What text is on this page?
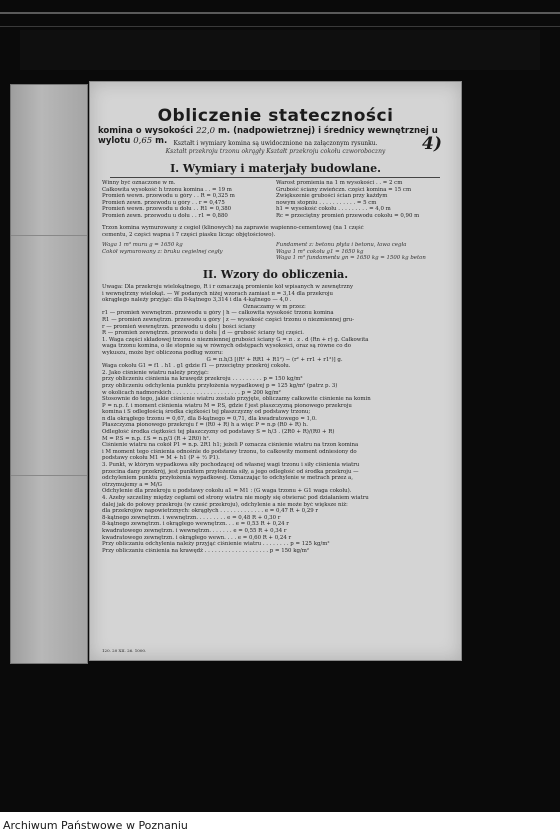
Obliczenie stateczności
komina o wysokości 22,0 m. (nadpowietrznej) i średnicy wewnętrznej u wylotu 0,65 m.	4)
Kształt i wymiary komina są uwidocznione na załączonym rysunku.
Kształt przekroju trzonu okrągły Kształt przekroju cokołu czworoboczny
I. Wymiary i materjały budowlane.
Winny być oznaczone w m.
Całkowita wysokość h trzonu komina . . = 19 m
Promień wewn. przewodu u góry . . R = 0,325 m
Promień zewn. przewodu u góry . . r = 0,475
Promień wewn. przewodu u dołu . . R1 = 0,380
Promień zewn. przewodu u dołu . . r1 = 0,880
Warost promienia na 1 m wysokości . . = 2 cm
Grubość ściany zwieńczn. części komina = 15 cm
Zwiększenie grubości ścian przy każdym
nowym stopniu . . . . . . . . . . . = 5 cm
h1 = wysokość cokołu . . . . . . . . . = 4,0 m
Rc = przeciętny promień przewodu cokołu = 0,90 m
Trzon komina wymurowany z cegieł (klinowych) na zaprawie wapienno-cementowej (na 1 część
cementu, 2 części wapna i 7 części piasku licząc objętościowo).
Waga 1 m³ muru g = 1650 kg
Cokół wymurowany z: bruku cegielnej cegły
Fundament z: betonu płyta i betonu, ława cegła
Waga 1 m³ cokołu g1 = 1650 kg
Waga 1 m³ fundamentu gn = 1650 kg = 1500 kg beton
II. Wzory do obliczenia.
Uwaga: Dla przekroju wielokątnego, R i r oznaczają promienie kół wpisanych w zewnętrzny
i wewnętrzny wielokąt. — W podanych niżej wzorach zamiast π = 3,14 dla przekroju
okrągłego należy przyjąć: dla 8-kątnego 3,314 i dla 4-kątnego — 4,0 .
Oznaczamy w m przez:
r1 — promień wewnętrzn. przewodu u góry | h — całkowita wysokość trzonu komina
R1 — promień zewnętrzn. przewodu u góry | z — wysokość części trzonu o niezmiennej gru-
r — promień wewnętrzn. przewodu u dołu | bości ściany
R — promień zewnętrzn. przewodu u dołu | d — grubość ściany tej części.
1. Waga części składowej trzonu o niezmiennej grubości ściany G = π . z . d (Rn + r) g. Całkowita
waga trzonu komina, o ile stopnie są w równych odstępach wysokości, oraz są równe co do
wykuszu, może być obliczona podług wzoru:
G = π.h/3 [(R² + RR1 + R1²) − (r² + rr1 + r1²)] g.
Waga cokołu G1 = f1 . h1 . g1 gdzie f1 — przeciętny przekrój cokołu.
2. Jako ciśnienie wiatru należy przyjąć:
przy obliczeniu ciśnienia na krawędź przekroju . . . . . . . . . p = 150 kg/m²
przy obliczeniu odchylenia punktu przyłożenia wypadkowej p = 125 kg/m² (patrz p. 3)
w okolicach nadmorskich . . . . . . . . . . . . . . . . . . . . p = 200 kg/m²
Stosownie do tego, jakie ciśnienie wiatru zostało przyjęte, obliczamy całkowite ciśnienie na komin
P = n.p. f. i moment ciśnienia wiatru M = P.S, gdzie f jest płaszczyzną pionowego przekroju
komina i S odległością środka ciężkości tej płaszczyzny od podstawy trzonu;
n dla okrągłego trzonu = 0,67, dla 8-kątnego = 0,71, dla kwadratowego = 1,0.
Płaszczyzna pionowego przekroju f = (R0 + R) h a więc P = n.p (R0 + R) h.
Odległość środka ciężkości tej płaszczyzny od podstawy S = h/3 . (2R0 + R)/(R0 + R)
M = P.S = n.p. f.S = n.p/3 (R + 2R0) h².
Ciśnienie wiatru na cokół P1 = n.p. 2R1 h1; jeżeli P oznacza ciśnienie wiatru na trzon komina
i M moment tego ciśnienia odnośnie do podstawy trzonu, to całkowity moment odniesiony do
podstawy cokołu M1 = M + h1 (P + ½ P1).
3. Punkt, w którym wypadkowa siły pochodzącej od własnej wagi trzonu i siły ciśnienia wiatru
przecina dany przekrój, jest punktem przyłożenia siły, a jego odległość od środka przekroju —
odchyleniem punktu przyłożenia wypadkowej. Oznaczając to odchylenie w metrach przez a,
otrzymujemy a = M/G
Odchylenie dla przekroju u podstawy cokołu a1 = M1 : (G waga trzonu + G1 waga cokołu).
4. Azeby szczeliny między cegłami od strony wiatru nie mogły się otwierać pod działaniem wiatru
dalej jak do połowy przekroju (w cześć przekroju), odchylenie a nie może być większe niż:
dla przekrojów napowietrznych: okrągłych . . . . . . . . . . . . . e = 0,47 R + 0,29 r
8-kątnego zewnętrzn. i wewnętrzn. . . . . . . . . e = 0,48 R + 0,30 r
8-kątnego zewnętrzn. i okrągłego wewnętrzn. . . e = 0,53 R + 0,24 r
kwadratowego zewnętrzn. i wewnętrzn. . . . . . . e = 0,55 R + 0,34 r
kwadratowego zewnętrzn. i okrągłego wewn. . . . e = 0,60 R + 0,24 r
Przy obliczaniu odchylenia należy przyjąć ciśnienie wiatru . . . . . . . . p = 125 kg/m²
Przy obliczaniu ciśnienia na krawędź . . . . . . . . . . . . . . . . . . . p = 150 kg/m²
120. 20 XII. 26. 1000.
Archiwum Państwowe w Poznaniu
